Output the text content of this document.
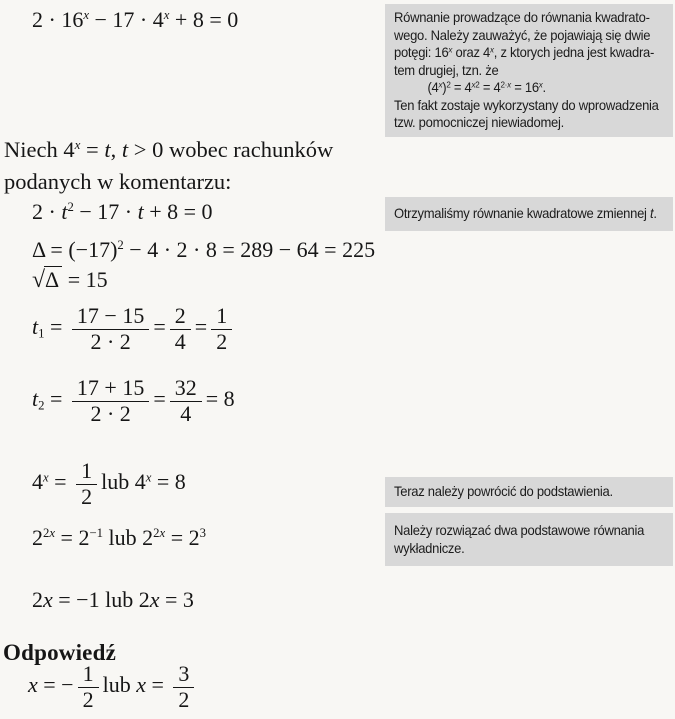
$2 \cdot 16^x - 17 \cdot 4^x + 8 = 0$
Niech $4^x = t$, t > 0 wobec rachunków
podanych w komentarzu:
$2 \cdot t^2 - 17 \cdot t + 8 = 0$
$\Delta = (-17)^2 - 4 \cdot 2 \cdot 8 = 289 - 64 = 225$
√Δ = 15
$t_1 = \frac{17 - 15}{2 \cdot 2} = \frac{2}{4} = \frac{1}{2}$
$t_2 = \frac{17 + 15}{2 \cdot 2} = \frac{32}{4} = 8$
$4^x = \frac{1}{2}$ lub $4^x = 8$
$2^{2x} = 2^{-1}$ lub $2^{2x} = 2^3$
2x = −1 lub 2x = 3
Odpowiedź
x = − $\frac{1}{2}$ lub $x = \frac{3}{2}$
Równanie prowadzące do równania kwadrato-
wego. Należy zauważyć, że pojawiają się dwie
potęgi: 16$^x$ oraz 4$^x$, z ktorych jedna jest kwadra-
tem drugiej, tzn. że
$(4^x)^2 = 4^{x2} = 4^{2\cdot x} = 16^x$.
Ten fakt zostaje wykorzystany do wprowadzenia
tzw. pomocniczej niewiadomej.
Otrzymaliśmy równanie kwadratowe zmiennej t.
Teraz należy powrócić do podstawienia.
Należy rozwiązać dwa podstawowe równania
wykładnicze.
